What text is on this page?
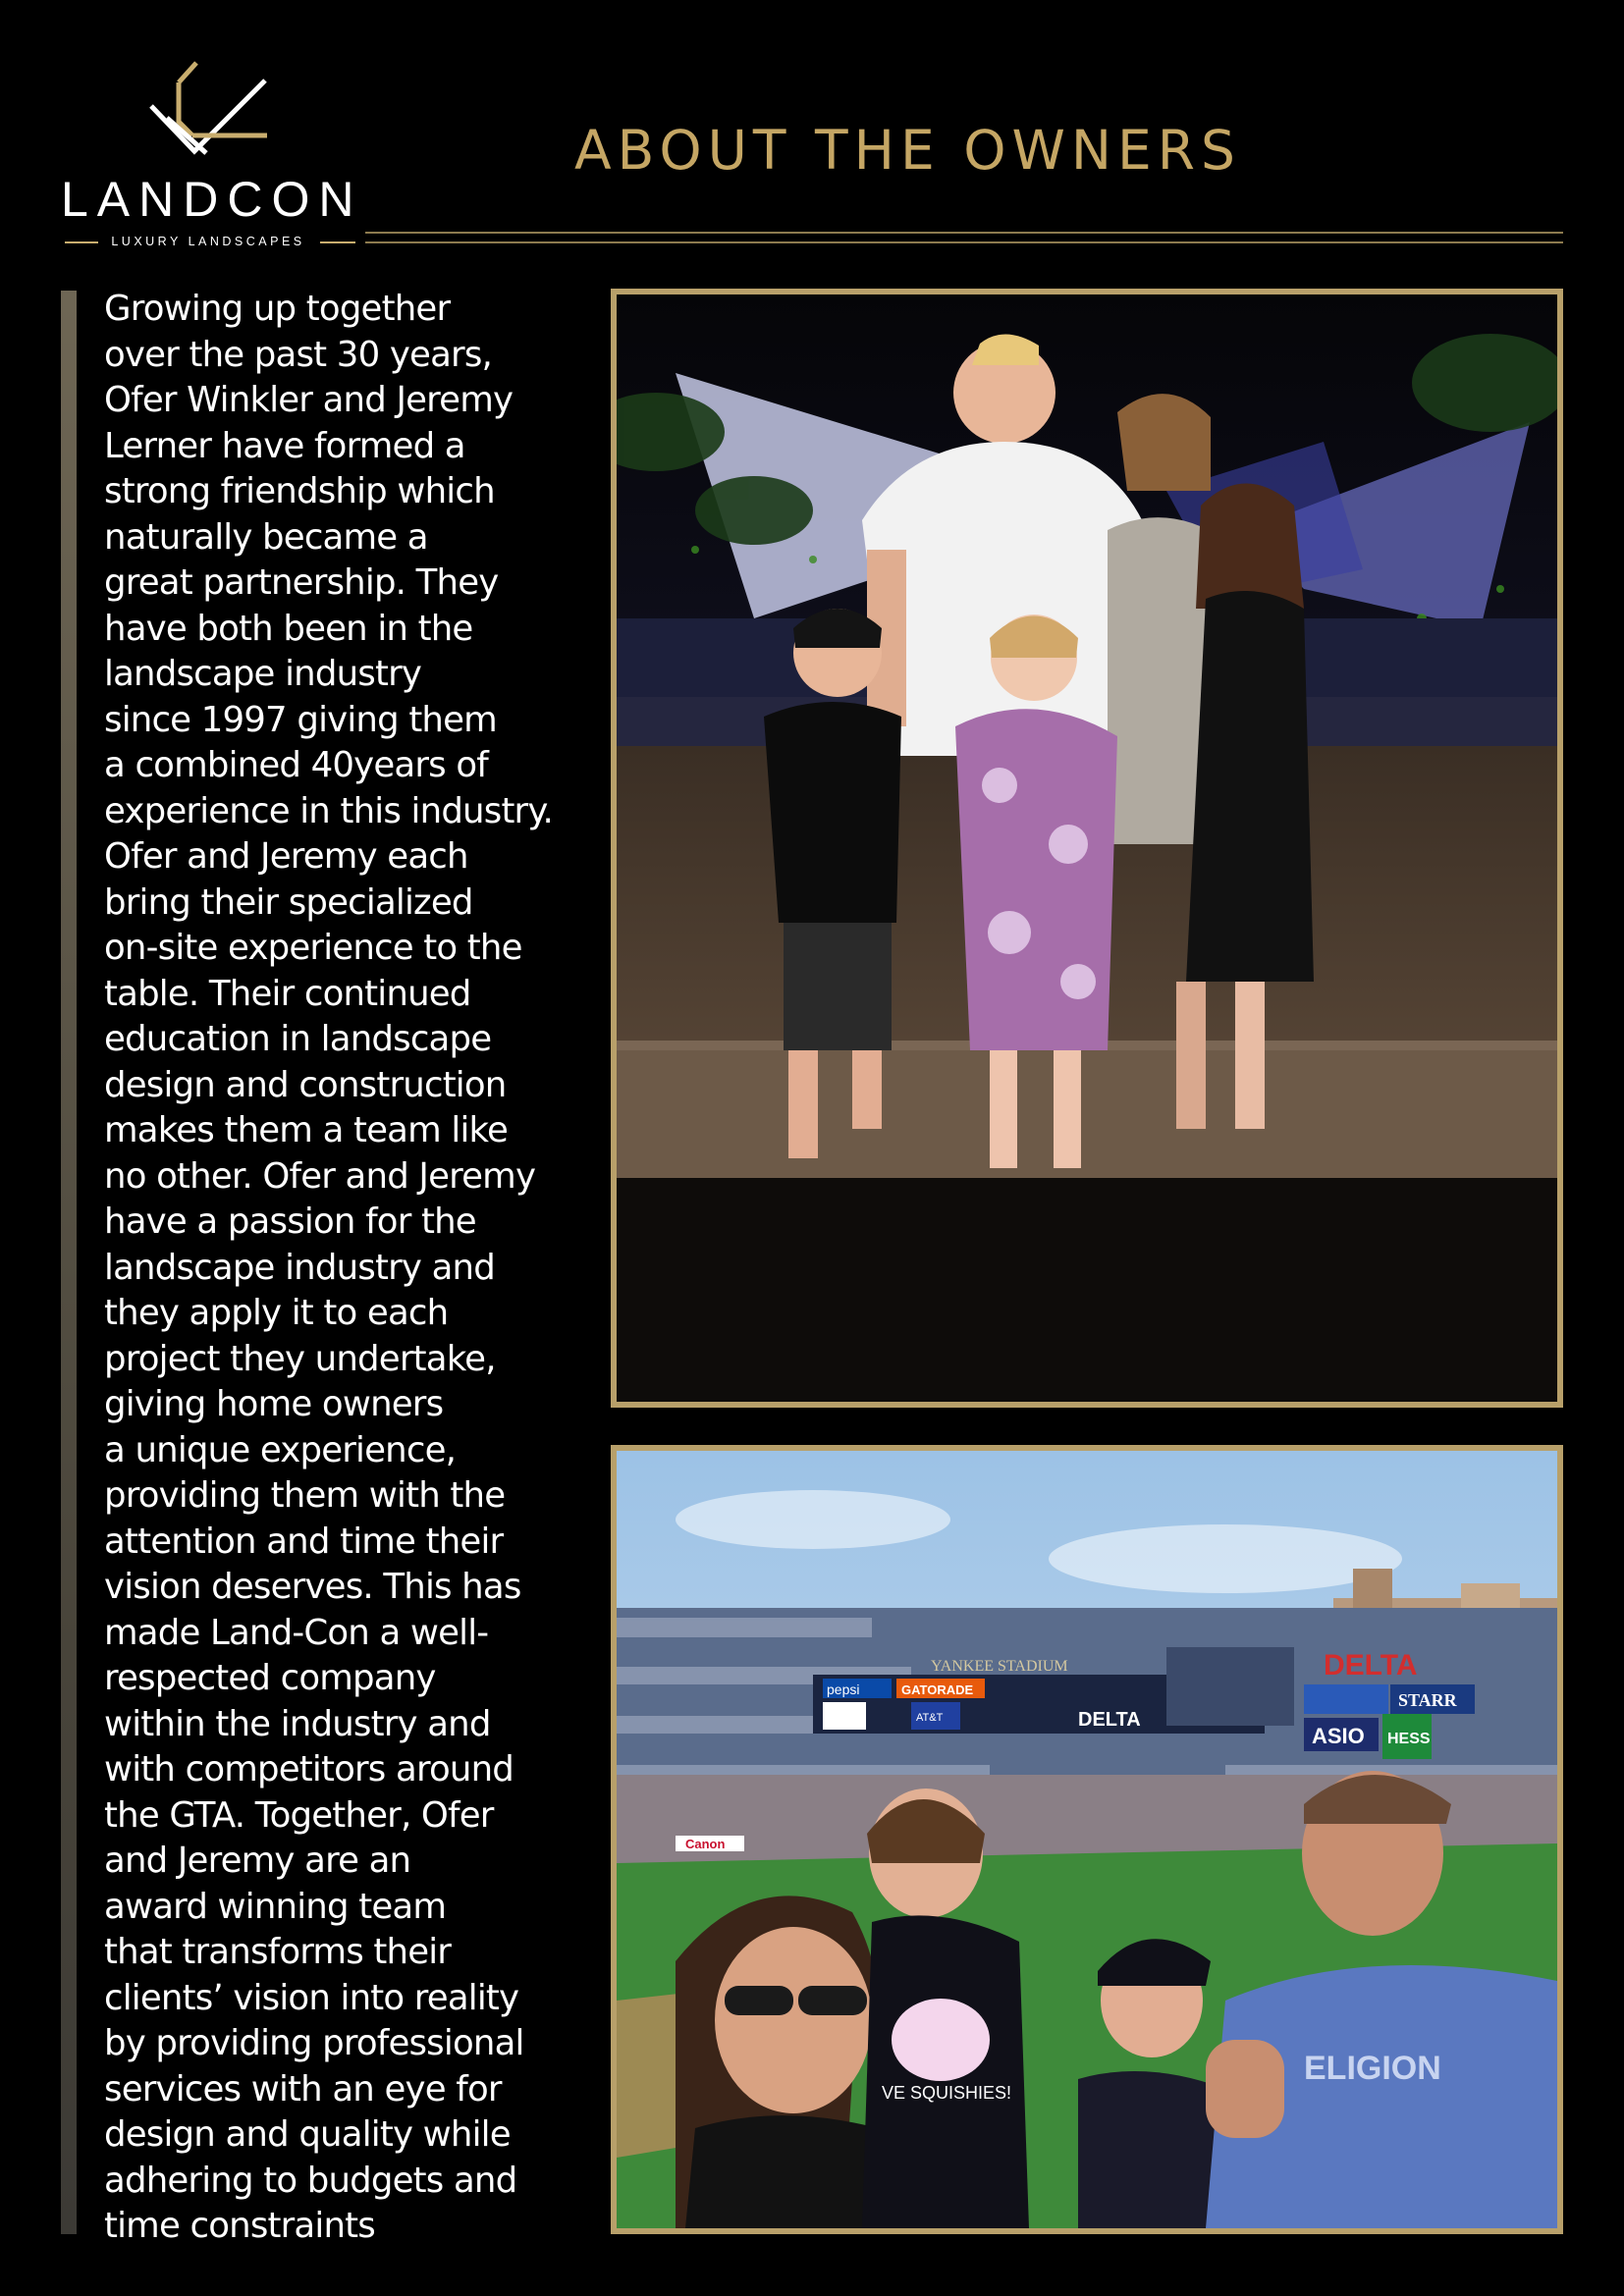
LANDCON
LUXURY LANDSCAPES
ABOUT THE OWNERS

Growing up together
over the past 30 years,
Ofer Winkler and Jeremy
Lerner have formed a
strong friendship which
naturally became a
great partnership. They
have both been in the
landscape industry
since 1997 giving them
a combined 40years of
experience in this industry.
Ofer and Jeremy each
bring their specialized
on-site experience to the
table. Their continued
education in landscape
design and construction
makes them a team like
no other. Ofer and Jeremy
have a passion for the
landscape industry and
they apply it to each
project they undertake,
giving home owners
a unique experience,
providing them with the
attention and time their
vision deserves. This has
made Land-Con a well-
respected company
within the industry and
with competitors around
the GTA. Together, Ofer
and Jeremy are an
award winning team
that transforms their
clients’ vision into reality
by providing professional
services with an eye for
design and quality while
adhering to budgets and
time constraints

pepsi	GATORADE
AT&T	DELTA
YANKEE STADIUM	DELTA
STARR
ASIO HESS
Canon
VE SQUISHIES!
ELIGION
